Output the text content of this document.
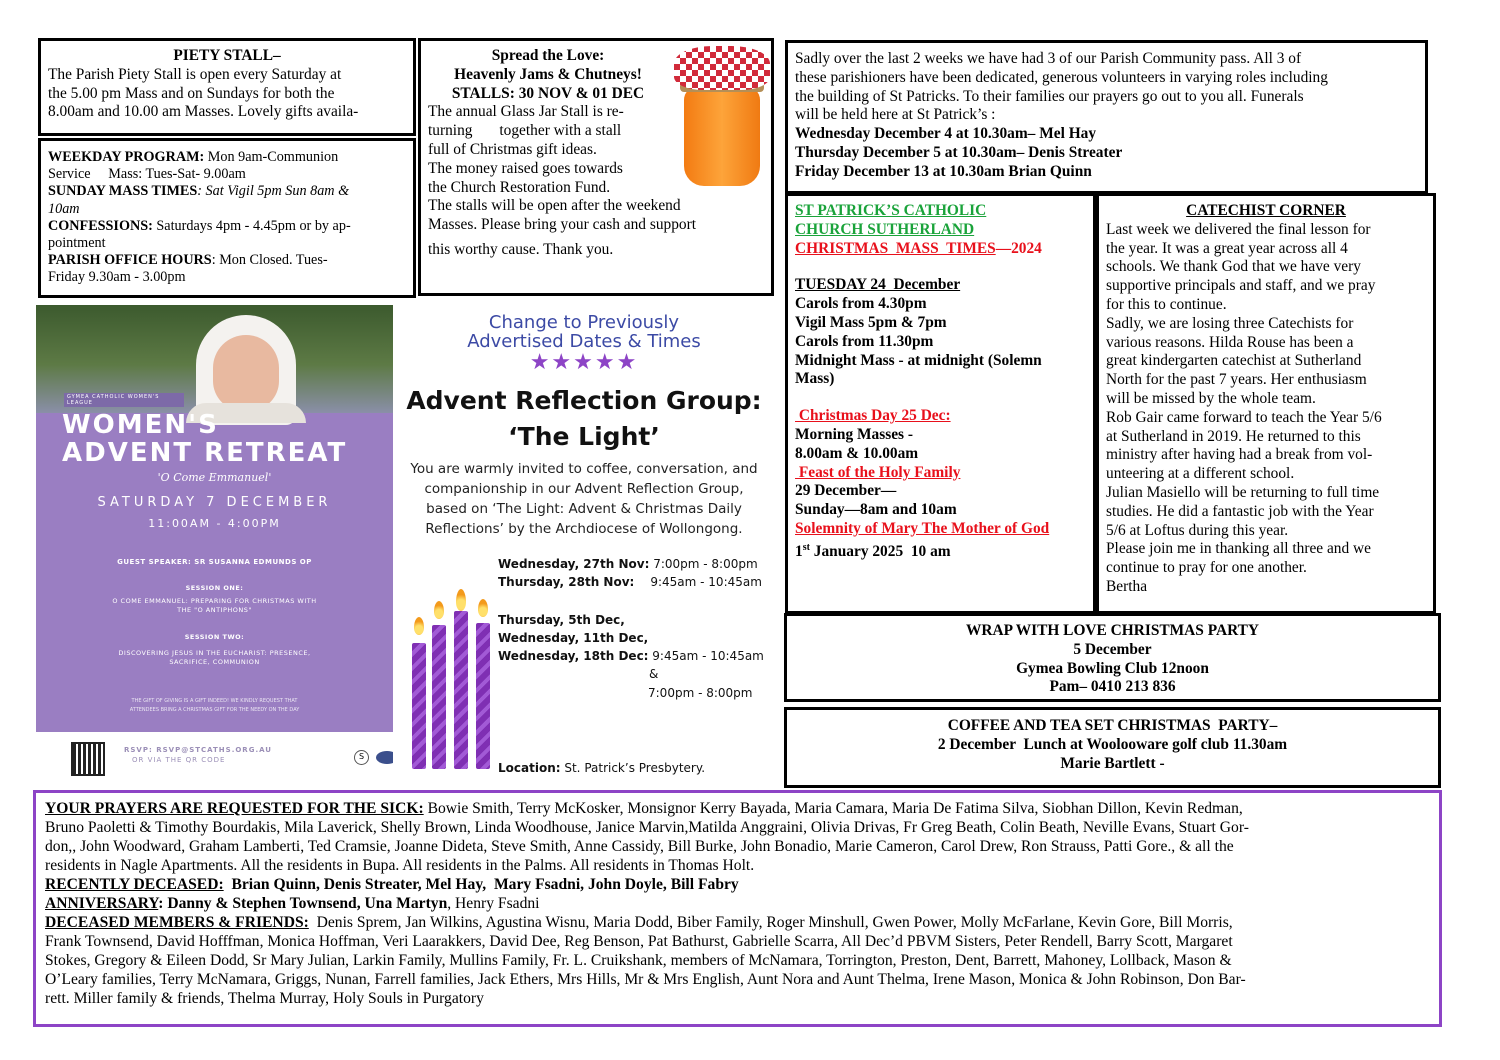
PIETY STALL–
The Parish Piety Stall is open every Saturday at
the 5.00 pm Mass and on Sundays for both the
8.00am and 10.00 am Masses. Lovely gifts availa-
WEEKDAY PROGRAM: Mon 9am-Communion
Service     Mass: Tues-Sat- 9.00am
SUNDAY MASS TIMES: Sat Vigil 5pm Sun 8am &
10am
CONFESSIONS: Saturdays 4pm - 4.45pm or by ap-
pointment
PARISH OFFICE HOURS: Mon Closed. Tues-
Friday 9.30am - 3.00pm
Spread the Love:
Heavenly Jams & Chutneys!
STALLS: 30 NOV & 01 DEC
The annual Glass Jar Stall is re-
turning       together with a stall
full of Christmas gift ideas.
The money raised goes towards
the Church Restoration Fund.
The stalls will be open after the weekend
Masses. Please bring your cash and support
this worthy cause. Thank you.
Sadly over the last 2 weeks we have had 3 of our Parish Community pass. All 3 of
these parishioners have been dedicated, generous volunteers in varying roles including
the building of St Patricks. To their families our prayers go out to you all. Funerals
will be held here at St Patrick’s :
Wednesday December 4 at 10.30am– Mel Hay
Thursday December 5 at 10.30am– Denis Streater
Friday December 13 at 10.30am Brian Quinn
ST PATRICK’S CATHOLIC
CHURCH SUTHERLAND
CHRISTMAS  MASS  TIMES—2024
TUESDAY 24  December
Carols from 4.30pm
Vigil Mass 5pm & 7pm
Carols from 11.30pm
Midnight Mass - at midnight (Solemn
Mass)
Christmas Day 25 Dec:
Morning Masses -
8.00am & 10.00am
Feast of the Holy Family
29 December—
Sunday—8am and 10am
Solemnity of Mary The Mother of God
1st January 2025  10 am
CATECHIST CORNER
Last week we delivered the final lesson for
the year. It was a great year across all 4
schools. We thank God that we have very
supportive principals and staff, and we pray
for this to continue.
Sadly, we are losing three Catechists for
various reasons. Hilda Rouse has been a
great kindergarten catechist at Sutherland
North for the past 7 years. Her enthusiasm
will be missed by the whole team.
Rob Gair came forward to teach the Year 5/6
at Sutherland in 2019. He returned to this
ministry after having had a break from vol-
unteering at a different school.
Julian Masiello will be returning to full time
studies. He did a fantastic job with the Year
5/6 at Loftus during this year.
Please join me in thanking all three and we
continue to pray for one another.
Bertha
WRAP WITH LOVE CHRISTMAS PARTY
5 December
Gymea Bowling Club 12noon
Pam– 0410 213 836
COFFEE AND TEA SET CHRISTMAS  PARTY–
2 December  Lunch at Woolooware golf club 11.30am
Marie Bartlett -
GYMEA CATHOLIC WOMEN'S LEAGUE
WOMEN'S
ADVENT RETREAT
'O Come Emmanuel'
SATURDAY 7 DECEMBER
11:00AM - 4:00PM
GUEST SPEAKER: SR SUSANNA EDMUNDS OP
SESSION ONE:
O COME EMMANUEL: PREPARING FOR CHRISTMAS WITH
THE "O ANTIPHONS"
SESSION TWO:
DISCOVERING JESUS IN THE EUCHARIST: PRESENCE,
SACRIFICE, COMMUNION
THE GIFT OF GIVING IS A GIFT INDEED! WE KINDLY REQUEST THAT
ATTENDEES BRING A CHRISTMAS GIFT FOR THE NEEDY ON THE DAY
RSVP: RSVP@STCATHS.ORG.AU
OR VIA THE QR CODE	S
Change to Previously
Advertised Dates & Times
★★★★★
Advent Reflection Group:
‘The Light’
You are warmly invited to coffee, conversation, and
companionship in our Advent Reflection Group,
based on ‘The Light: Advent & Christmas Daily
Reflections’ by the Archdiocese of Wollongong.
Wednesday, 27th Nov: 7:00pm - 8:00pm
Thursday, 28th Nov: 9:45am - 10:45am
Thursday, 5th Dec,
Wednesday, 11th Dec,
Wednesday, 18th Dec: 9:45am - 10:45am
&
7:00pm - 8:00pm
Location: St. Patrick’s Presbytery.
YOUR PRAYERS ARE REQUESTED FOR THE SICK: Bowie Smith, Terry McKosker, Monsignor Kerry Bayada, Maria Camara, Maria De Fatima Silva, Siobhan Dillon, Kevin Redman,
Bruno Paoletti & Timothy Bourdakis, Mila Laverick, Shelly Brown, Linda Woodhouse, Janice Marvin,Matilda Anggraini, Olivia Drivas, Fr Greg Beath, Colin Beath, Neville Evans, Stuart Gor-
don,, John Woodward, Graham Lamberti, Ted Cramsie, Joanne Dideta, Steve Smith, Anne Cassidy, Bill Burke, John Bonadio, Marie Cameron, Carol Drew, Ron Strauss, Patti Gore., & all the
residents in Nagle Apartments. All the residents in Bupa. All residents in the Palms. All residents in Thomas Holt.
RECENTLY DECEASED:  Brian Quinn, Denis Streater, Mel Hay,  Mary Fsadni, John Doyle, Bill Fabry
ANNIVERSARY: Danny & Stephen Townsend, Una Martyn, Henry Fsadni
DECEASED MEMBERS & FRIENDS:  Denis Sprem, Jan Wilkins, Agustina Wisnu, Maria Dodd, Biber Family, Roger Minshull, Gwen Power, Molly McFarlane, Kevin Gore, Bill Morris,
Frank Townsend, David Hofffman, Monica Hoffman, Veri Laarakkers, David Dee, Reg Benson, Pat Bathurst, Gabrielle Scarra, All Dec’d PBVM Sisters, Peter Rendell, Barry Scott, Margaret
Stokes, Gregory & Eileen Dodd, Sr Mary Julian, Larkin Family, Mullins Family, Fr. L. Cruikshank, members of McNamara, Torrington, Preston, Dent, Barrett, Mahoney, Lollback, Mason &
O’Leary families, Terry McNamara, Griggs, Nunan, Farrell families, Jack Ethers, Mrs Hills, Mr & Mrs English, Aunt Nora and Aunt Thelma, Irene Mason, Monica & John Robinson, Don Bar-
rett. Miller family & friends, Thelma Murray, Holy Souls in Purgatory
